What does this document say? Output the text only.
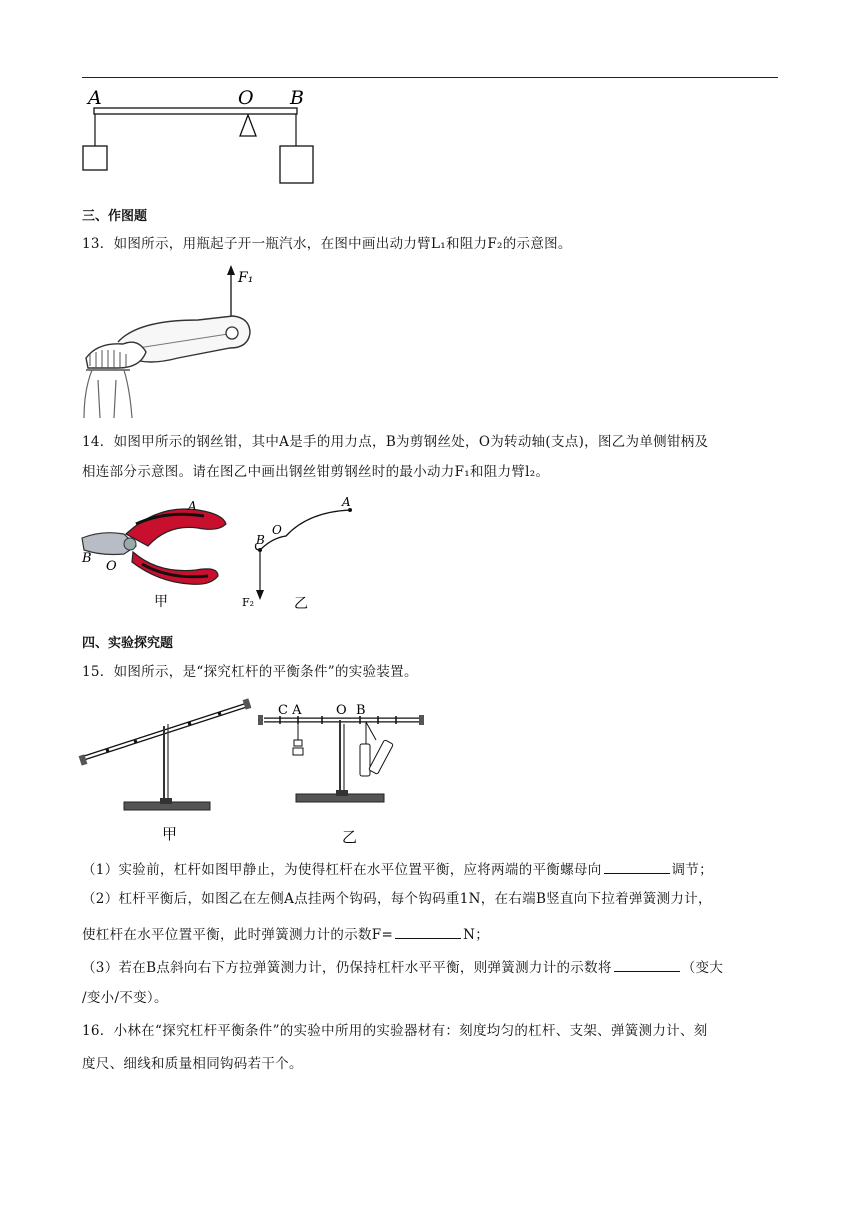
A	O B
三、作图题
13．如图所示，用瓶起子开一瓶汽水，在图中画出动力臂L₁和阻力F₂的示意图。
F₁
14．如图甲所示的钢丝钳，其中A是手的用力点，B为剪钢丝处，O为转动轴(支点)，图乙为单侧钳柄及
相连部分示意图。请在图乙中画出钢丝钳剪钢丝时的最小动力F₁和阻力臂l₂。
A
B
O
甲
A
B
O
F₂	乙
四、实验探究题
15．如图所示，是“探究杠杆的平衡条件”的实验装置。
甲
C A	O B
乙
（1）实验前，杠杆如图甲静止，为使得杠杆在水平位置平衡，应将两端的平衡螺母向	调节；
（2）杠杆平衡后，如图乙在左侧A点挂两个钩码，每个钩码重1N，在右端B竖直向下拉着弹簧测力计，
使杠杆在水平位置平衡，此时弹簧测力计的示数F=	N；
（3）若在B点斜向右下方拉弹簧测力计，仍保持杠杆水平平衡，则弹簧测力计的示数将	（变大
/变小/不变）。
16．小林在“探究杠杆平衡条件”的实验中所用的实验器材有：刻度均匀的杠杆、支架、弹簧测力计、刻
度尺、细线和质量相同钩码若干个。
